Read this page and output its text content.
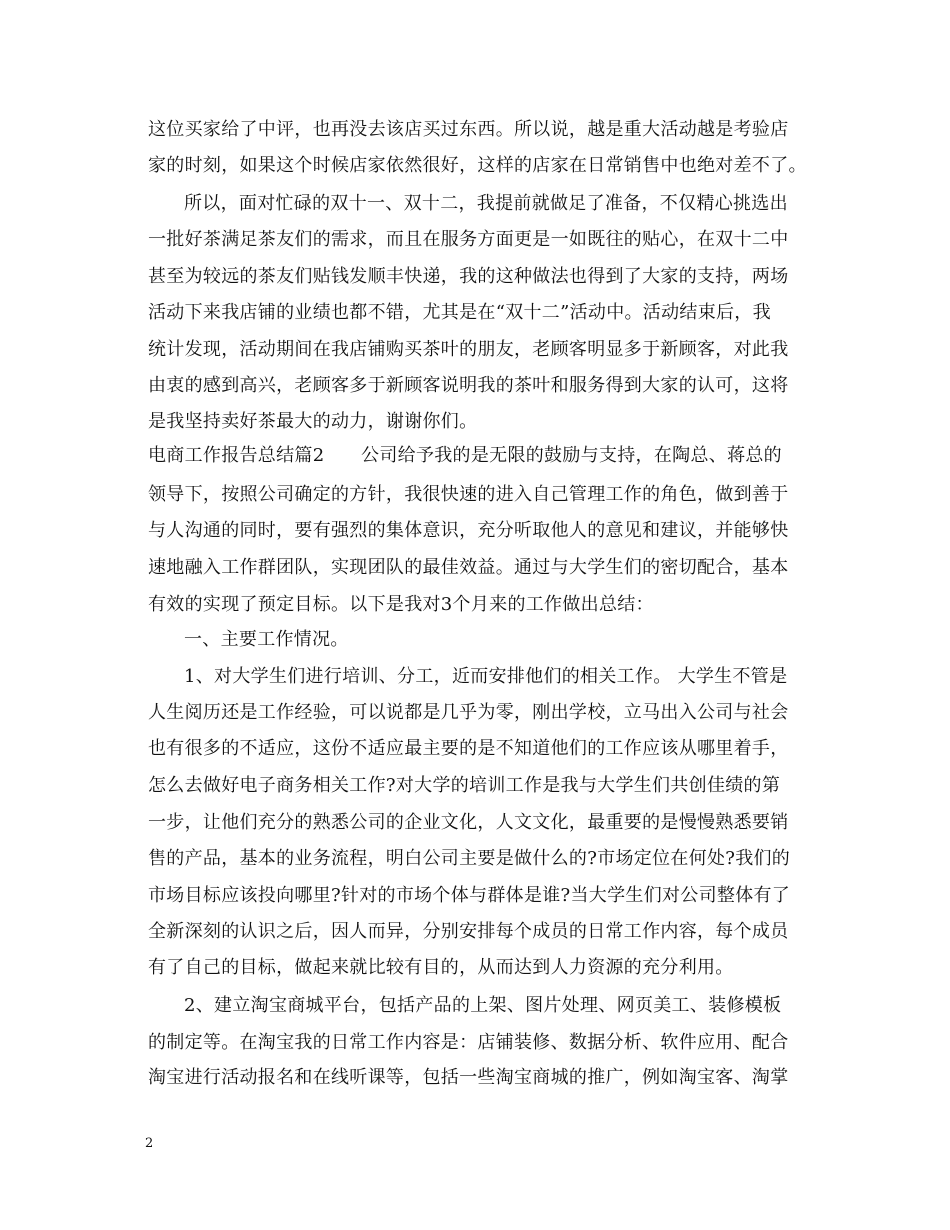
这位买家给了中评，也再没去该店买过东西。所以说，越是重大活动越是考验店
家的时刻，如果这个时候店家依然很好，这样的店家在日常销售中也绝对差不了。
所以，面对忙碌的双十一、双十二，我提前就做足了准备，不仅精心挑选出
一批好茶满足茶友们的需求，而且在服务方面更是一如既往的贴心，在双十二中
甚至为较远的茶友们贴钱发顺丰快递，我的这种做法也得到了大家的支持，两场
活动下来我店铺的业绩也都不错，尤其是在“双十二”活动中。活动结束后，我
统计发现，活动期间在我店铺购买茶叶的朋友，老顾客明显多于新顾客，对此我
由衷的感到高兴，老顾客多于新顾客说明我的茶叶和服务得到大家的认可，这将
是我坚持卖好茶最大的动力，谢谢你们。
电商工作报告总结篇2　　公司给予我的是无限的鼓励与支持，在陶总、蒋总的
领导下，按照公司确定的方针，我很快速的进入自己管理工作的角色，做到善于
与人沟通的同时，要有强烈的集体意识，充分听取他人的意见和建议，并能够快
速地融入工作群团队，实现团队的最佳效益。通过与大学生们的密切配合，基本
有效的实现了预定目标。以下是我对3个月来的工作做出总结：
一、主要工作情况。
1、对大学生们进行培训、分工，近而安排他们的相关工作。 大学生不管是
人生阅历还是工作经验，可以说都是几乎为零，刚出学校，立马出入公司与社会
也有很多的不适应，这份不适应最主要的是不知道他们的工作应该从哪里着手，
怎么去做好电子商务相关工作?对大学的培训工作是我与大学生们共创佳绩的第
一步，让他们充分的熟悉公司的企业文化，人文文化，最重要的是慢慢熟悉要销
售的产品，基本的业务流程，明白公司主要是做什么的?市场定位在何处?我们的
市场目标应该投向哪里?针对的市场个体与群体是谁?当大学生们对公司整体有了
全新深刻的认识之后，因人而异，分别安排每个成员的日常工作内容，每个成员
有了自己的目标，做起来就比较有目的，从而达到人力资源的充分利用。
2、建立淘宝商城平台，包括产品的上架、图片处理、网页美工、装修模板
的制定等。在淘宝我的日常工作内容是：店铺装修、数据分析、软件应用、配合
淘宝进行活动报名和在线听课等，包括一些淘宝商城的推广，例如淘宝客、淘掌
2
